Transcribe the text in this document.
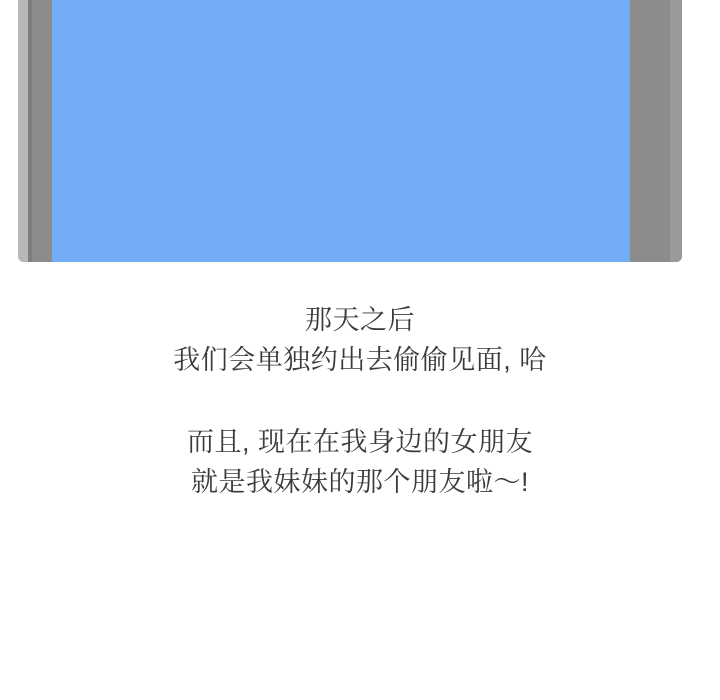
那天之后
我们会单独约出去偷偷见面, 哈
而且, 现在在我身边的女朋友
就是我妹妹的那个朋友啦～!
